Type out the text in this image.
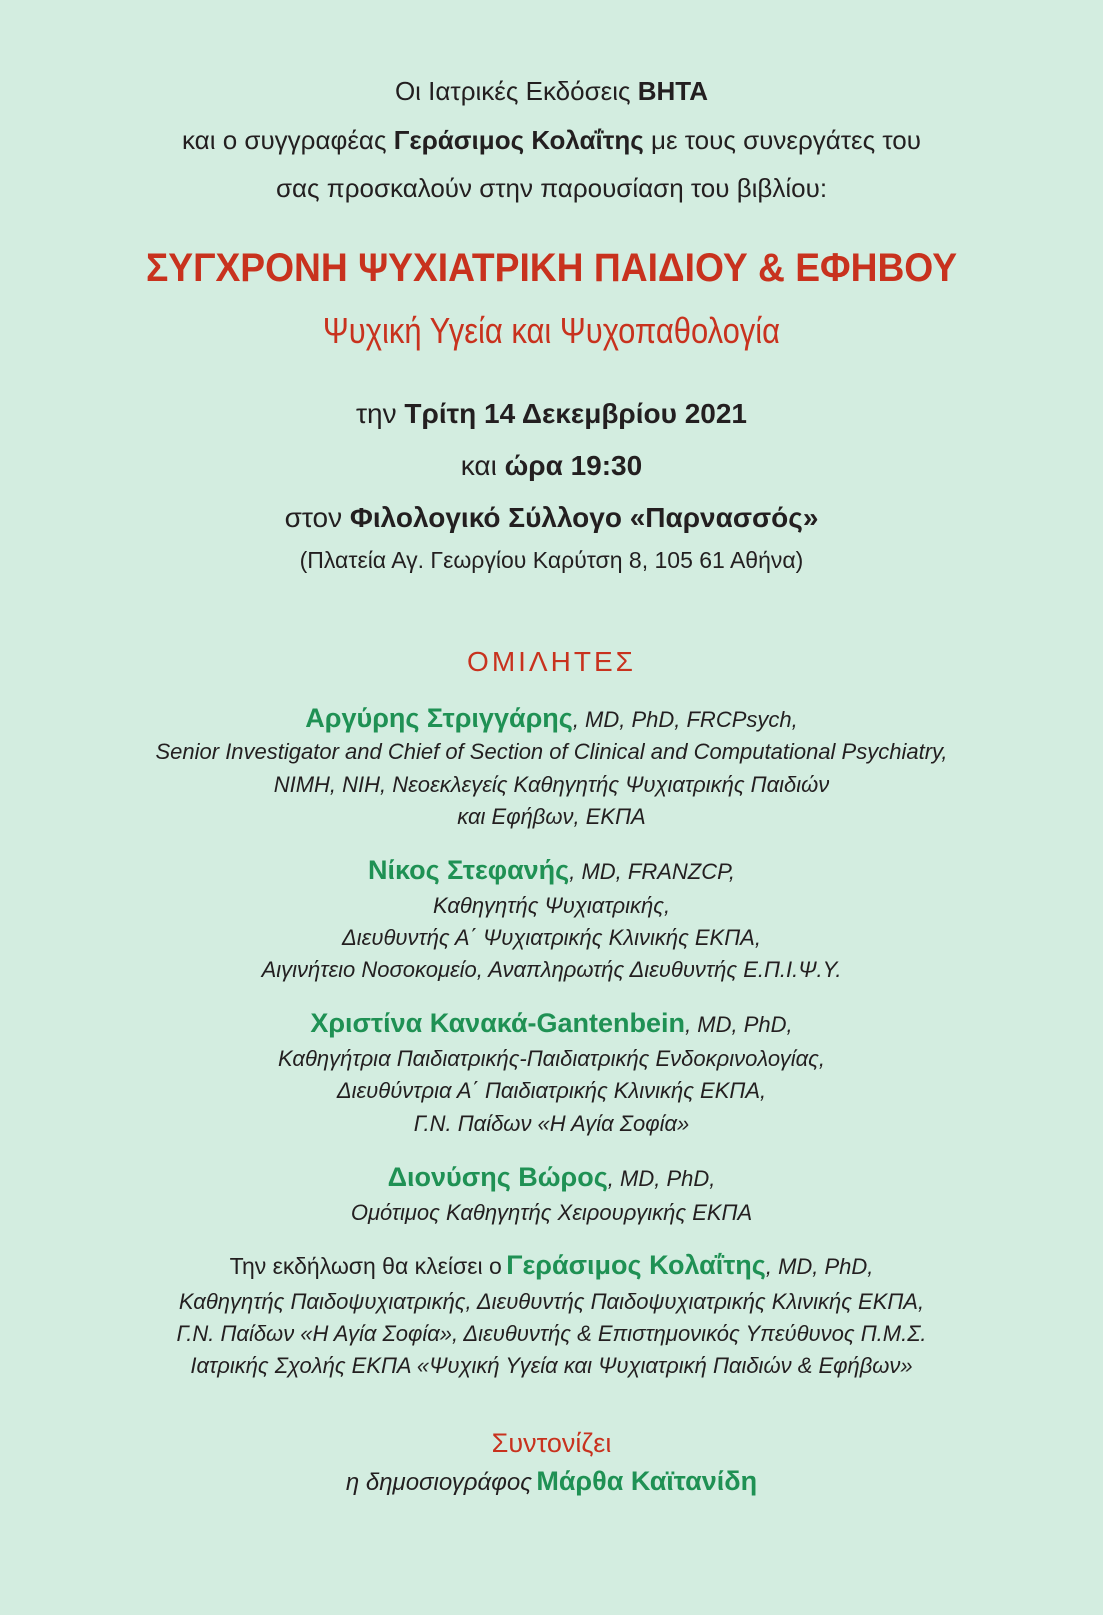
Οι Ιατρικές Εκδόσεις ΒΗΤΑ
και ο συγγραφέας Γεράσιμος Κολαΐτης με τους συνεργάτες του
σας προσκαλούν στην παρουσίαση του βιβλίου:
ΣΥΓΧΡΟΝΗ ΨΥΧΙΑΤΡΙΚΗ ΠΑΙΔΙΟΥ & ΕΦΗΒΟΥ
Ψυχική Υγεία και Ψυχοπαθολογία
την Τρίτη 14 Δεκεμβρίου 2021
και ώρα 19:30
στον Φιλολογικό Σύλλογο «Παρνασσός»
(Πλατεία Αγ. Γεωργίου Καρύτση 8, 105 61 Αθήνα)
ΟΜΙΛΗΤΕΣ
Αργύρης Στριγγάρης, MD, PhD, FRCPsych,
Senior Investigator and Chief of Section of Clinical and Computational Psychiatry,
NIMH, NIH, Νεοεκλεγείς Καθηγητής Ψυχιατρικής Παιδιών
και Εφήβων, ΕΚΠΑ
Νίκος Στεφανής, MD, FRANZCP,
Καθηγητής Ψυχιατρικής,
Διευθυντής Α΄ Ψυχιατρικής Κλινικής ΕΚΠΑ,
Αιγινήτειο Νοσοκομείο, Αναπληρωτής Διευθυντής Ε.Π.Ι.Ψ.Υ.
Χριστίνα Κανακά-Gantenbein, MD, PhD,
Καθηγήτρια Παιδιατρικής-Παιδιατρικής Ενδοκρινολογίας,
Διευθύντρια Α΄ Παιδιατρικής Κλινικής ΕΚΠΑ,
Γ.Ν. Παίδων «Η Αγία Σοφία»
Διονύσης Βώρος, MD, PhD,
Ομότιμος Καθηγητής Χειρουργικής ΕΚΠΑ
Την εκδήλωση θα κλείσει ο Γεράσιμος Κολαΐτης, MD, PhD,
Καθηγητής Παιδοψυχιατρικής, Διευθυντής Παιδοψυχιατρικής Κλινικής ΕΚΠΑ,
Γ.Ν. Παίδων «Η Αγία Σοφία», Διευθυντής & Επιστημονικός Υπεύθυνος Π.Μ.Σ.
Ιατρικής Σχολής ΕΚΠΑ «Ψυχική Υγεία και Ψυχιατρική Παιδιών & Εφήβων»
Συντονίζει
η δημοσιογράφος Μάρθα Καϊτανίδη
